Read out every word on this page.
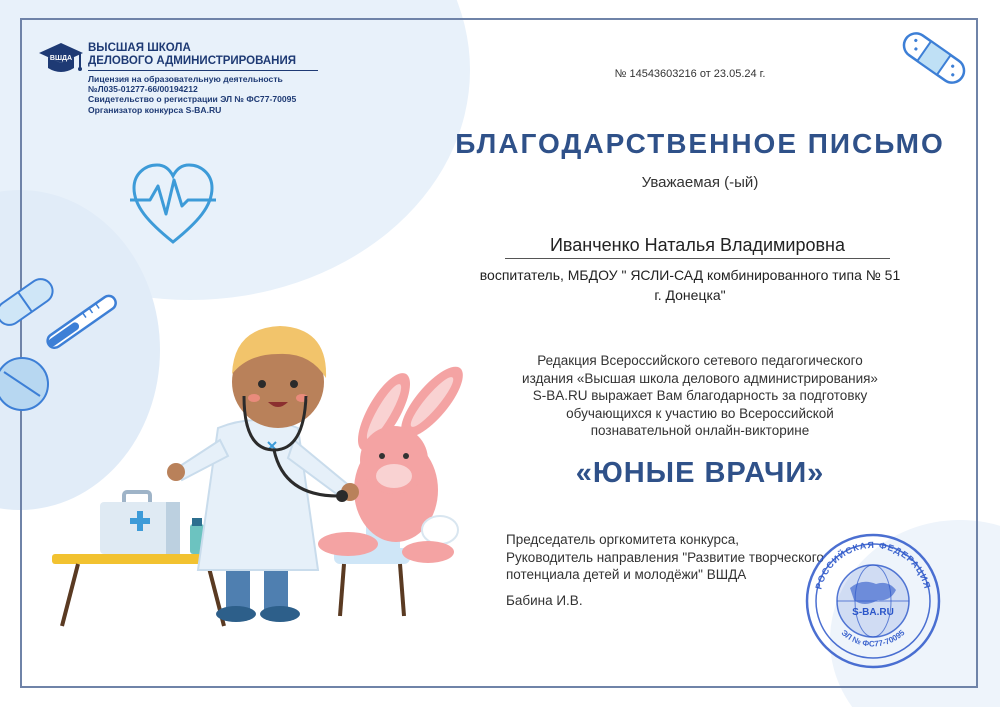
ВШДА
ВЫСШАЯ ШКОЛА
ДЕЛОВОГО АДМИНИСТРИРОВАНИЯ
Лицензия на образовательную деятельность
№Л035-01277-66/00194212
Свидетельство о регистрации ЭЛ № ФС77-70095
Организатор конкурса S-BA.RU
№ 14543603216 от 23.05.24 г.
БЛАГОДАРСТВЕННОЕ ПИСЬМО
Уважаемая (-ый)
Иванченко Наталья Владимировна
воспитатель, МБДОУ " ЯСЛИ-САД комбинированного типа № 51
г. Донецка"
Редакция Всероссийского сетевого педагогического
издания «Высшая школа делового администрирования»
S-BA.RU выражает Вам благодарность за подготовку
обучающихся к участию во Всероссийской
познавательной онлайн-викторине
«ЮНЫЕ ВРАЧИ»
Председатель оргкомитета конкурса,
Руководитель направления "Развитие творческого
потенциала детей и молодёжи" ВШДА
Бабина И.В.
РОССИЙСКАЯ ФЕДЕРАЦИЯ
S-BA.RU
ЭЛ № ФС77-70095
